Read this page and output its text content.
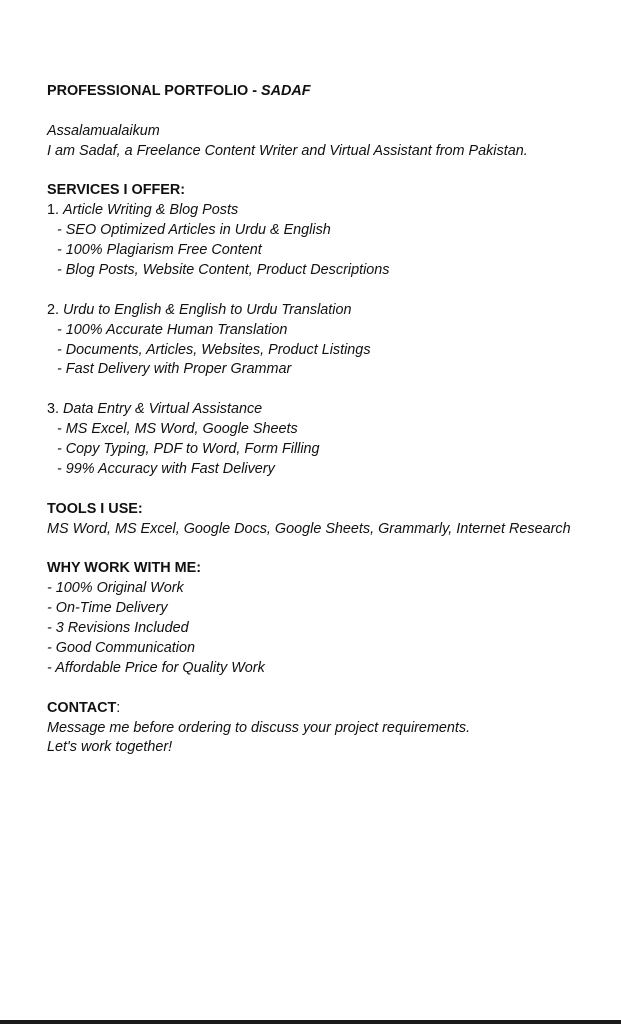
PROFESSIONAL PORTFOLIO - SADAF
Assalamualaikum
I am Sadaf, a Freelance Content Writer and Virtual Assistant from Pakistan.
SERVICES I OFFER:
1. Article Writing & Blog Posts
- SEO Optimized Articles in Urdu & English
- 100% Plagiarism Free Content
- Blog Posts, Website Content, Product Descriptions
2. Urdu to English & English to Urdu Translation
- 100% Accurate Human Translation
- Documents, Articles, Websites, Product Listings
- Fast Delivery with Proper Grammar
3. Data Entry & Virtual Assistance
- MS Excel, MS Word, Google Sheets
- Copy Typing, PDF to Word, Form Filling
- 99% Accuracy with Fast Delivery
TOOLS I USE:
MS Word, MS Excel, Google Docs, Google Sheets, Grammarly, Internet Research
WHY WORK WITH ME:
- 100% Original Work
- On-Time Delivery
- 3 Revisions Included
- Good Communication
- Affordable Price for Quality Work
CONTACT:
Message me before ordering to discuss your project requirements.
Let's work together!
